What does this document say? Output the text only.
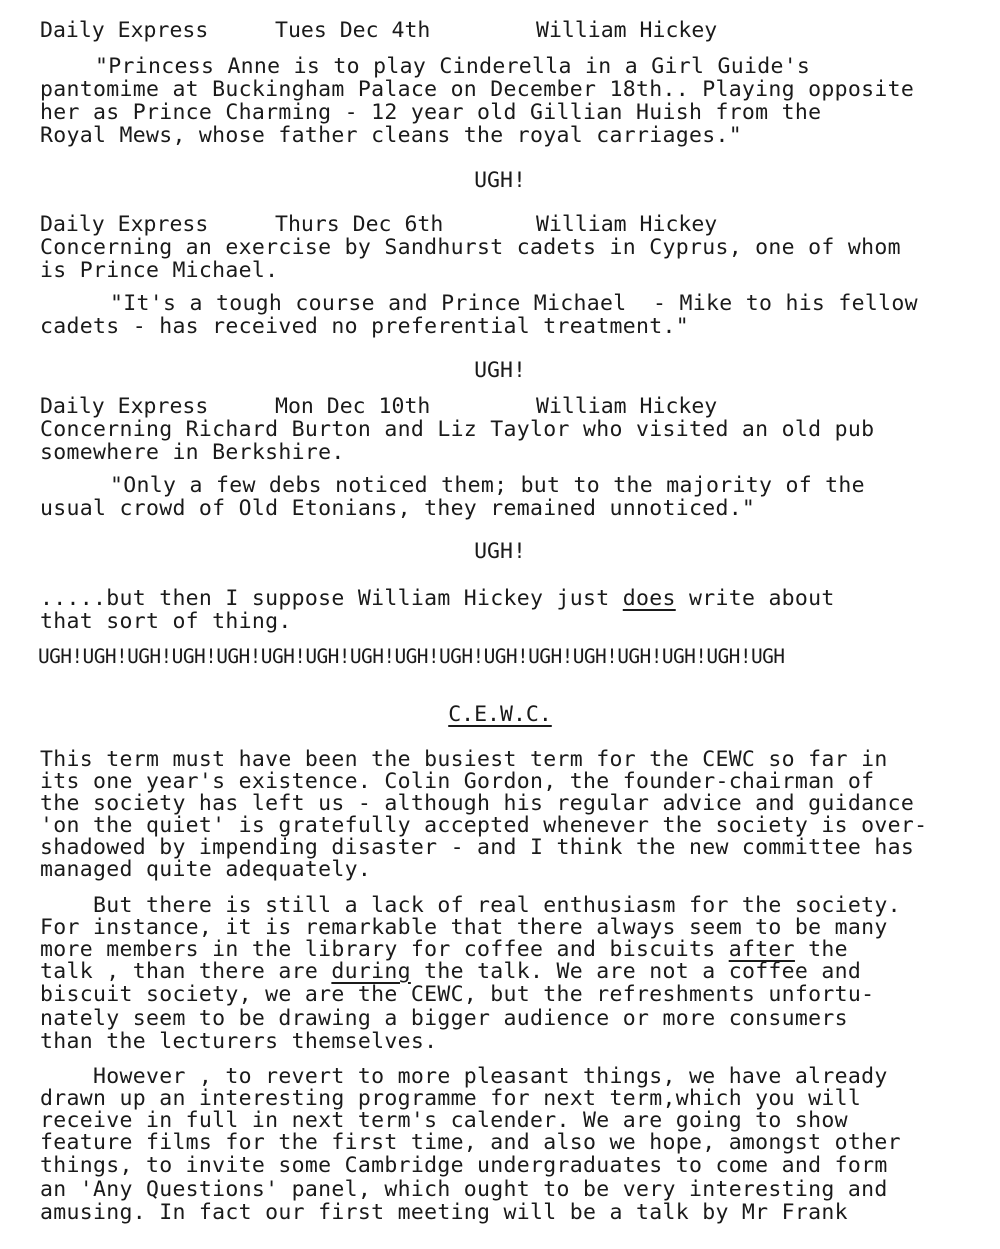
Daily Express	Tues Dec 4th	William Hickey
"Princess Anne is to play Cinderella in a Girl Guide's
pantomime at Buckingham Palace on December 18th.. Playing opposite
her as Prince Charming - 12 year old Gillian Huish from the
Royal Mews, whose father cleans the royal carriages."
UGH!
Daily Express	Thurs Dec 6th	William Hickey
Concerning an exercise by Sandhurst cadets in Cyprus, one of whom
is Prince Michael.
"It's a tough course and Prince Michael  - Mike to his fellow
cadets - has received no preferential treatment."
UGH!
Daily Express	Mon Dec 10th	William Hickey
Concerning Richard Burton and Liz Taylor who visited an old pub
somewhere in Berkshire.
"Only a few debs noticed them; but to the majority of the
usual crowd of Old Etonians, they remained unnoticed."
UGH!
.....but then I suppose William Hickey just does write about
that sort of thing.
UGH!UGH!UGH!UGH!UGH!UGH!UGH!UGH!UGH!UGH!UGH!UGH!UGH!UGH!UGH!UGH!UGH
C.E.W.C.
This term must have been the busiest term for the CEWC so far in
its one year's existence. Colin Gordon, the founder-chairman of
the society has left us - although his regular advice and guidance
'on the quiet' is gratefully accepted whenever the society is over-
shadowed by impending disaster - and I think the new committee has
managed quite adequately.
But there is still a lack of real enthusiasm for the society.
For instance, it is remarkable that there always seem to be many
more members in the library for coffee and biscuits after the
talk , than there are during the talk. We are not a coffee and
biscuit society, we are the CEWC, but the refreshments unfortu-
nately seem to be drawing a bigger audience or more consumers
than the lecturers themselves.
However , to revert to more pleasant things, we have already
drawn up an interesting programme for next term,which you will
receive in full in next term's calender. We are going to show
feature films for the first time, and also we hope, amongst other
things, to invite some Cambridge undergraduates to come and form
an 'Any Questions' panel, which ought to be very interesting and
amusing. In fact our first meeting will be a talk by Mr Frank
